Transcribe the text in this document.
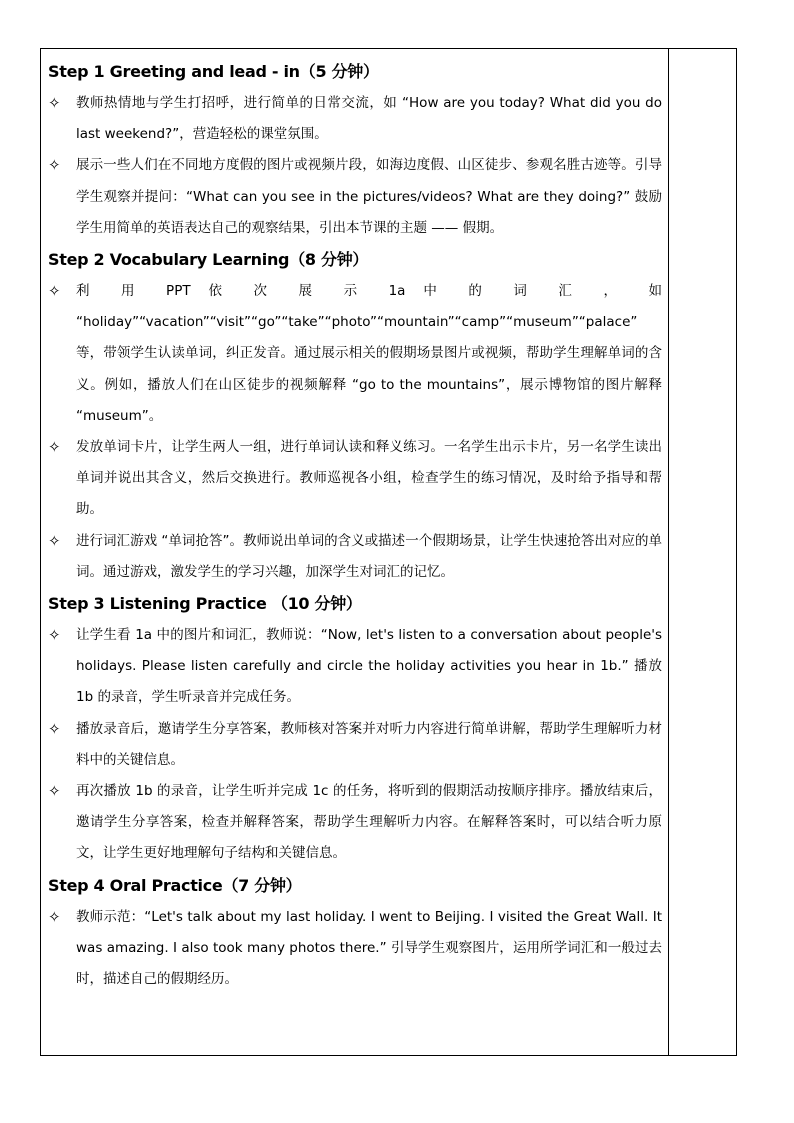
Step 1 Greeting and lead - in（5 分钟）
✧ 教师热情地与学生打招呼，进行简单的日常交流，如 “How are you today? What did you do last weekend?”，营造轻松的课堂氛围。
✧ 展示一些人们在不同地方度假的图片或视频片段，如海边度假、山区徒步、参观名胜古迹等。引导学生观察并提问：“What can you see in the pictures/videos? What are they doing?” 鼓励学生用简单的英语表达自己的观察结果，引出本节课的主题 —— 假期。
Step 2 Vocabulary Learning（8 分钟）
✧ 利 用 PPT 依 次 展 示 1a 中 的 词 汇 ， 如 “holiday”“vacation”“visit”“go”“take”“photo”“mountain”“camp”“museum”“palace” 等，带领学生认读单词，纠正发音。通过展示相关的假期场景图片或视频，帮助学生理解单词的含义。例如，播放人们在山区徒步的视频解释 “go to the mountains”，展示博物馆的图片解释 “museum”。
✧ 发放单词卡片，让学生两人一组，进行单词认读和释义练习。一名学生出示卡片，另一名学生读出单词并说出其含义，然后交换进行。教师巡视各小组，检查学生的练习情况，及时给予指导和帮助。
✧ 进行词汇游戏 “单词抢答”。教师说出单词的含义或描述一个假期场景，让学生快速抢答出对应的单词。通过游戏，激发学生的学习兴趣，加深学生对词汇的记忆。
Step 3 Listening Practice （10 分钟）
✧ 让学生看 1a 中的图片和词汇，教师说：“Now, let's listen to a conversation about people's holidays. Please listen carefully and circle the holiday activities you hear in 1b.” 播放 1b 的录音，学生听录音并完成任务。
✧ 播放录音后，邀请学生分享答案，教师核对答案并对听力内容进行简单讲解，帮助学生理解听力材料中的关键信息。
✧ 再次播放 1b 的录音，让学生听并完成 1c 的任务，将听到的假期活动按顺序排序。播放结束后，邀请学生分享答案，检查并解释答案，帮助学生理解听力内容。在解释答案时，可以结合听力原文，让学生更好地理解句子结构和关键信息。
Step 4 Oral Practice（7 分钟）
✧ 教师示范：“Let's talk about my last holiday. I went to Beijing. I visited the Great Wall. It was amazing. I also took many photos there.” 引导学生观察图片，运用所学词汇和一般过去时，描述自己的假期经历。
